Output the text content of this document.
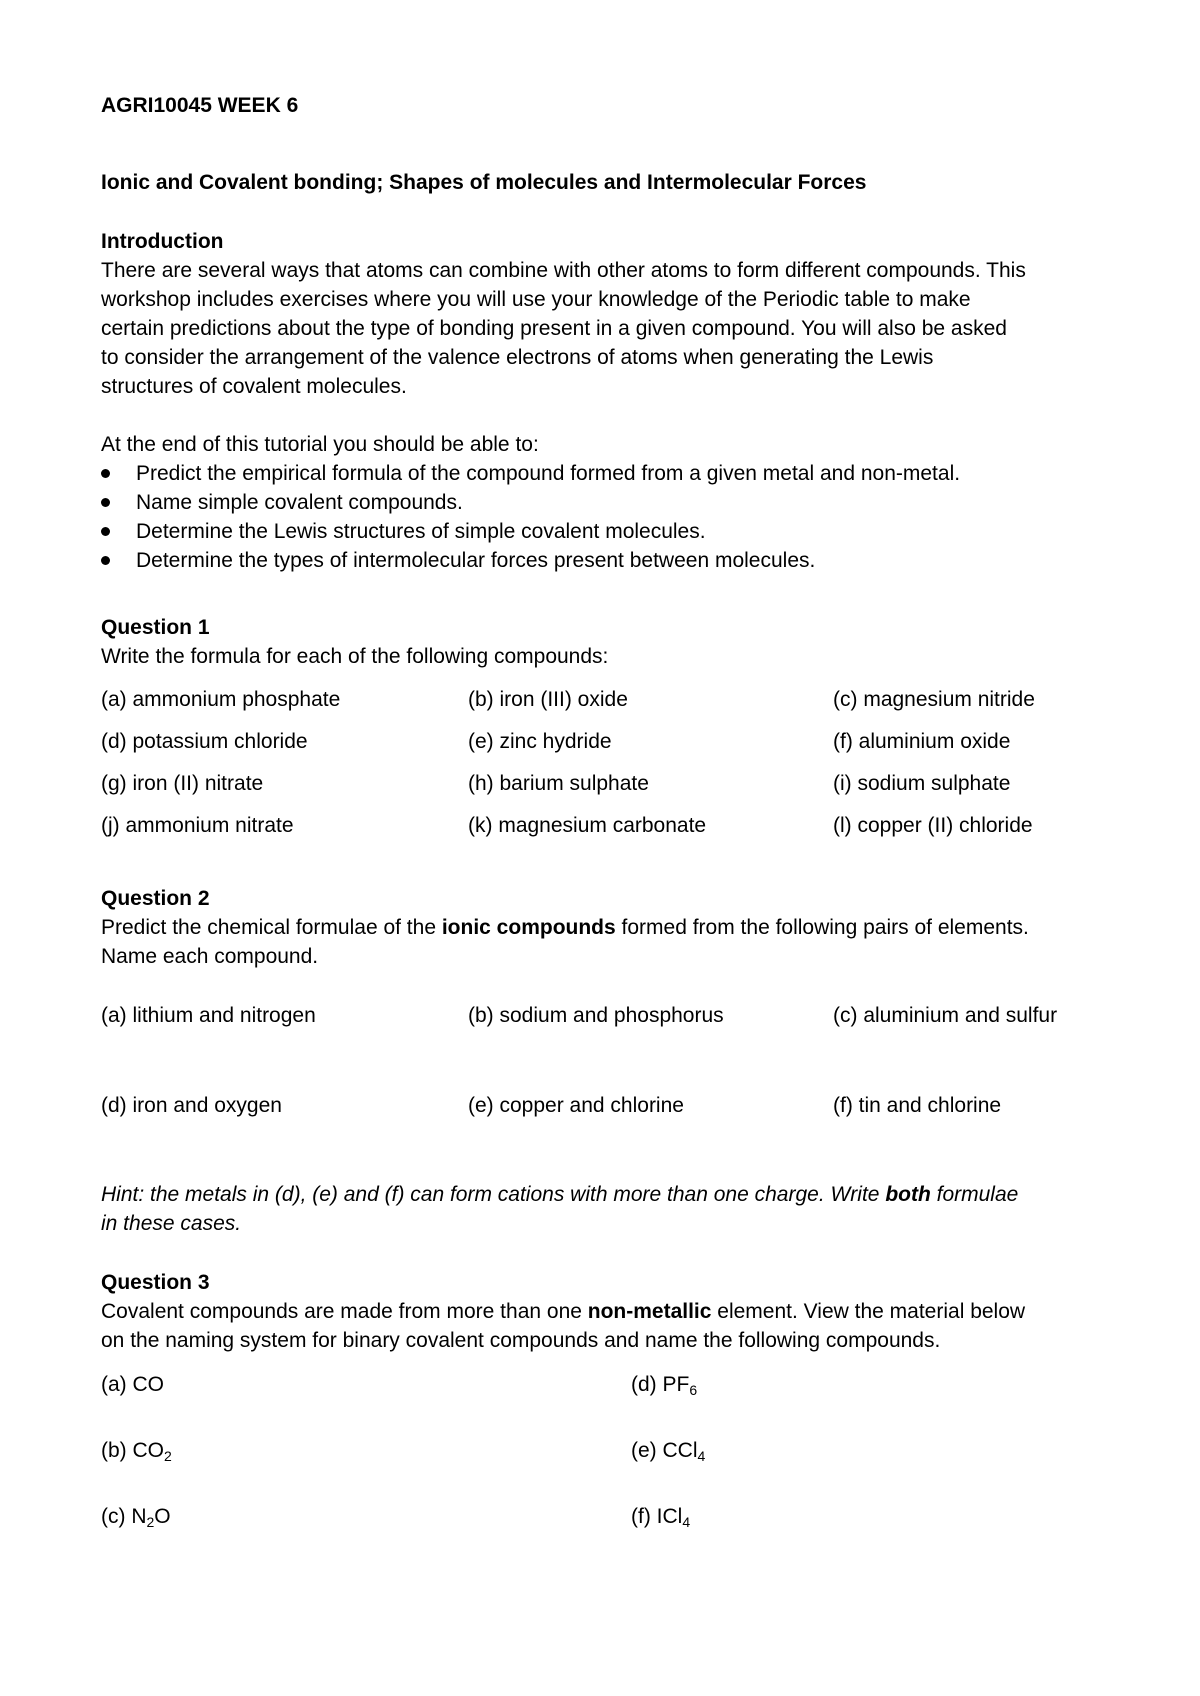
AGRI10045 WEEK 6
Ionic and Covalent bonding; Shapes of molecules and Intermolecular Forces
Introduction
There are several ways that atoms can combine with other atoms to form different compounds. This
workshop includes exercises where you will use your knowledge of the Periodic table to make
certain predictions about the type of bonding present in a given compound. You will also be asked
to consider the arrangement of the valence electrons of atoms when generating the Lewis
structures of covalent molecules.
At the end of this tutorial you should be able to:
Predict the empirical formula of the compound formed from a given metal and non-metal.
Name simple covalent compounds.
Determine the Lewis structures of simple covalent molecules.
Determine the types of intermolecular forces present between molecules.
Question 1
Write the formula for each of the following compounds:
(a) ammonium phosphate	(b) iron (III) oxide	(c) magnesium nitride
(d) potassium chloride	(e) zinc hydride	(f) aluminium oxide
(g) iron (II) nitrate	(h) barium sulphate	(i) sodium sulphate
(j) ammonium nitrate	(k) magnesium carbonate	(l) copper (II) chloride
Question 2
Predict the chemical formulae of the ionic compounds formed from the following pairs of elements.
Name each compound.
(a) lithium and nitrogen	(b) sodium and phosphorus	(c) aluminium and sulfur
(d) iron and oxygen	(e) copper and chlorine	(f) tin and chlorine
Hint: the metals in (d), (e) and (f) can form cations with more than one charge. Write both formulae
in these cases.
Question 3
Covalent compounds are made from more than one non-metallic element. View the material below
on the naming system for binary covalent compounds and name the following compounds.
(a) CO	(d) $PF_6$
(b) $CO_2$	(e) CCl$_4$
(c) $N_2O$	(f) ICl$_4$
